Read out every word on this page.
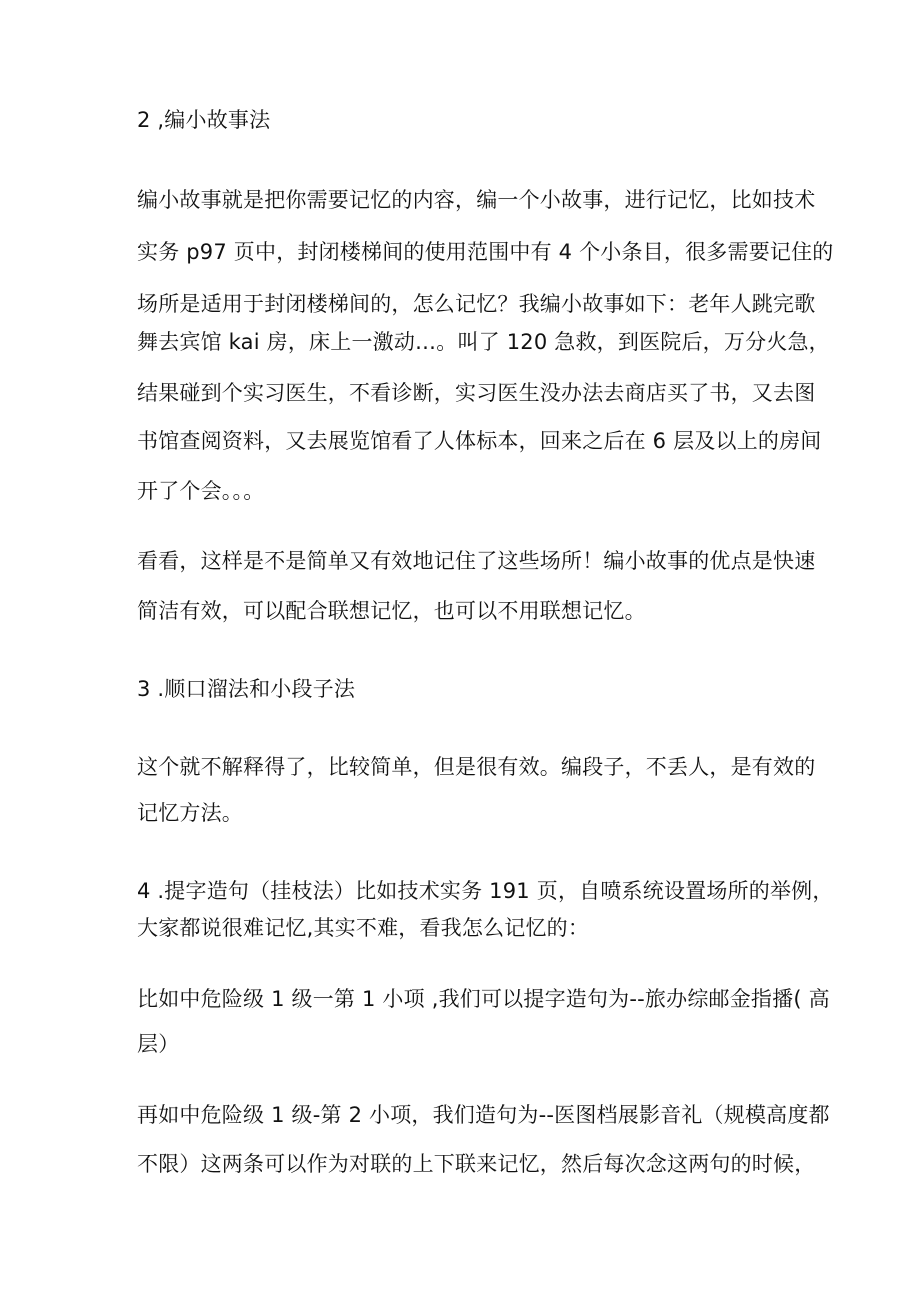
2 ,编小故事法
编小故事就是把你需要记忆的内容，编一个小故事，进行记忆，比如技术
实务 p97 页中，封闭楼梯间的使用范围中有 4 个小条目，很多需要记住的
场所是适用于封闭楼梯间的，怎么记忆？我编小故事如下：老年人跳完歌
舞去宾馆 kai 房，床上一激动…。叫了 120 急救，到医院后，万分火急，
结果碰到个实习医生，不看诊断，实习医生没办法去商店买了书，又去图
书馆查阅资料，又去展览馆看了人体标本，回来之后在 6 层及以上的房间
开了个会。。。
看看，这样是不是简单又有效地记住了这些场所！编小故事的优点是快速
简洁有效，可以配合联想记忆，也可以不用联想记忆。
3 .顺口溜法和小段子法
这个就不解释得了，比较简单，但是很有效。编段子，不丢人，是有效的
记忆方法。
4 .提字造句（挂枝法）比如技术实务 191 页，自喷系统设置场所的举例，
大家都说很难记忆,其实不难，看我怎么记忆的：
比如中危险级 1 级一第 1 小项 ,我们可以提字造句为--旅办综邮金指播( 高
层）
再如中危险级 1 级-第 2 小项，我们造句为--医图档展影音礼（规模高度都
不限）这两条可以作为对联的上下联来记忆，然后每次念这两句的时候，
